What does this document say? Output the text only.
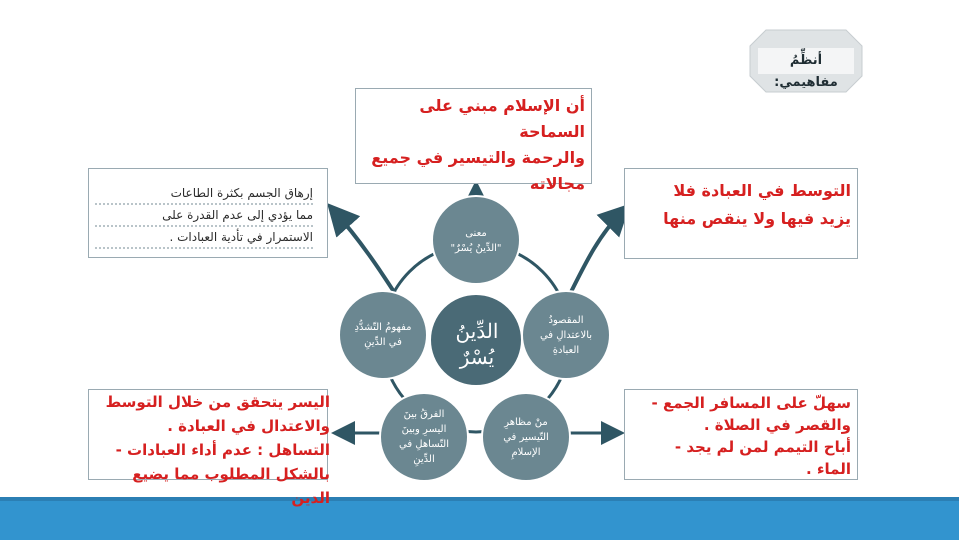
أنظِّمُ مفاهيمي:
الدِّينُ
يُسْرٌ
معنى
"الدِّينُ يُسْرٌ"
المقصودُ
بالاعتدالِ في
العبادةِ
منْ مظاهرِ
التّيسير في
الإسلامِ
الفرقُ بينَ
اليسرِ وبينَ
التّساهلِ في
الدِّينِ
مفهومُ التّشدُّدِ
في الدِّينِ
أن الإسلام مبني على السماحة
والرحمة والتيسير في جميع
مجالاته	التوسط في العبادة فلا
يزيد فيها ولا ينقص منها
إرهاق الجسم بكثرة الطاعات
مما يؤدي إلى عدم القدرة على
الاستمرار في تأدية العبادات .
سهلّ على المسافر الجمع -
والقصر في الصلاة .
أباح التيمم لمن لم يجد -
الماء .
اليسر يتحقق من خلال التوسط
والاعتدال في العبادة .
التساهل : عدم أداء العبادات -
بالشكل المطلوب مما يضيع
الدين
